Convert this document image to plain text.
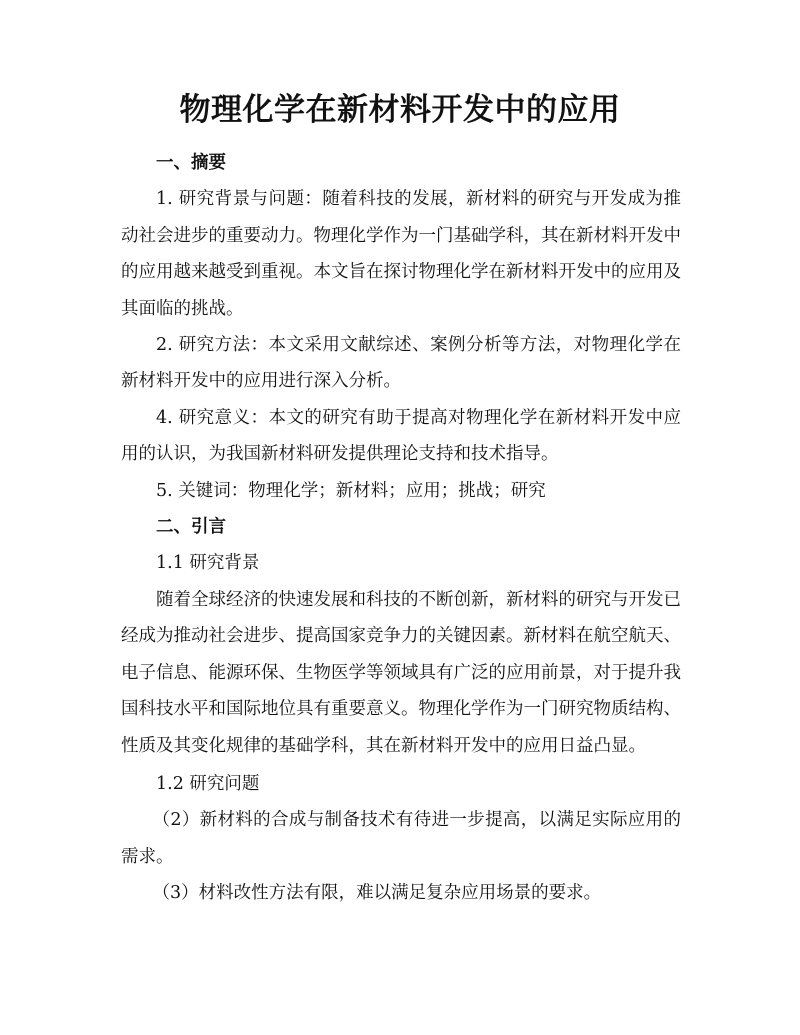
物理化学在新材料开发中的应用

一、摘要

1. 研究背景与问题：随着科技的发展，新材料的研究与开发成为推动社会进步的重要动力。物理化学作为一门基础学科，其在新材料开发中的应用越来越受到重视。本文旨在探讨物理化学在新材料开发中的应用及其面临的挑战。

2. 研究方法：本文采用文献综述、案例分析等方法，对物理化学在新材料开发中的应用进行深入分析。

4. 研究意义：本文的研究有助于提高对物理化学在新材料开发中应用的认识，为我国新材料研发提供理论支持和技术指导。

5. 关键词：物理化学；新材料；应用；挑战；研究

二、引言

1.1 研究背景

随着全球经济的快速发展和科技的不断创新，新材料的研究与开发已经成为推动社会进步、提高国家竞争力的关键因素。新材料在航空航天、电子信息、能源环保、生物医学等领域具有广泛的应用前景，对于提升我国科技水平和国际地位具有重要意义。物理化学作为一门研究物质结构、性质及其变化规律的基础学科，其在新材料开发中的应用日益凸显。

1.2 研究问题

（2）新材料的合成与制备技术有待进一步提高，以满足实际应用的需求。

（3）材料改性方法有限，难以满足复杂应用场景的要求。
